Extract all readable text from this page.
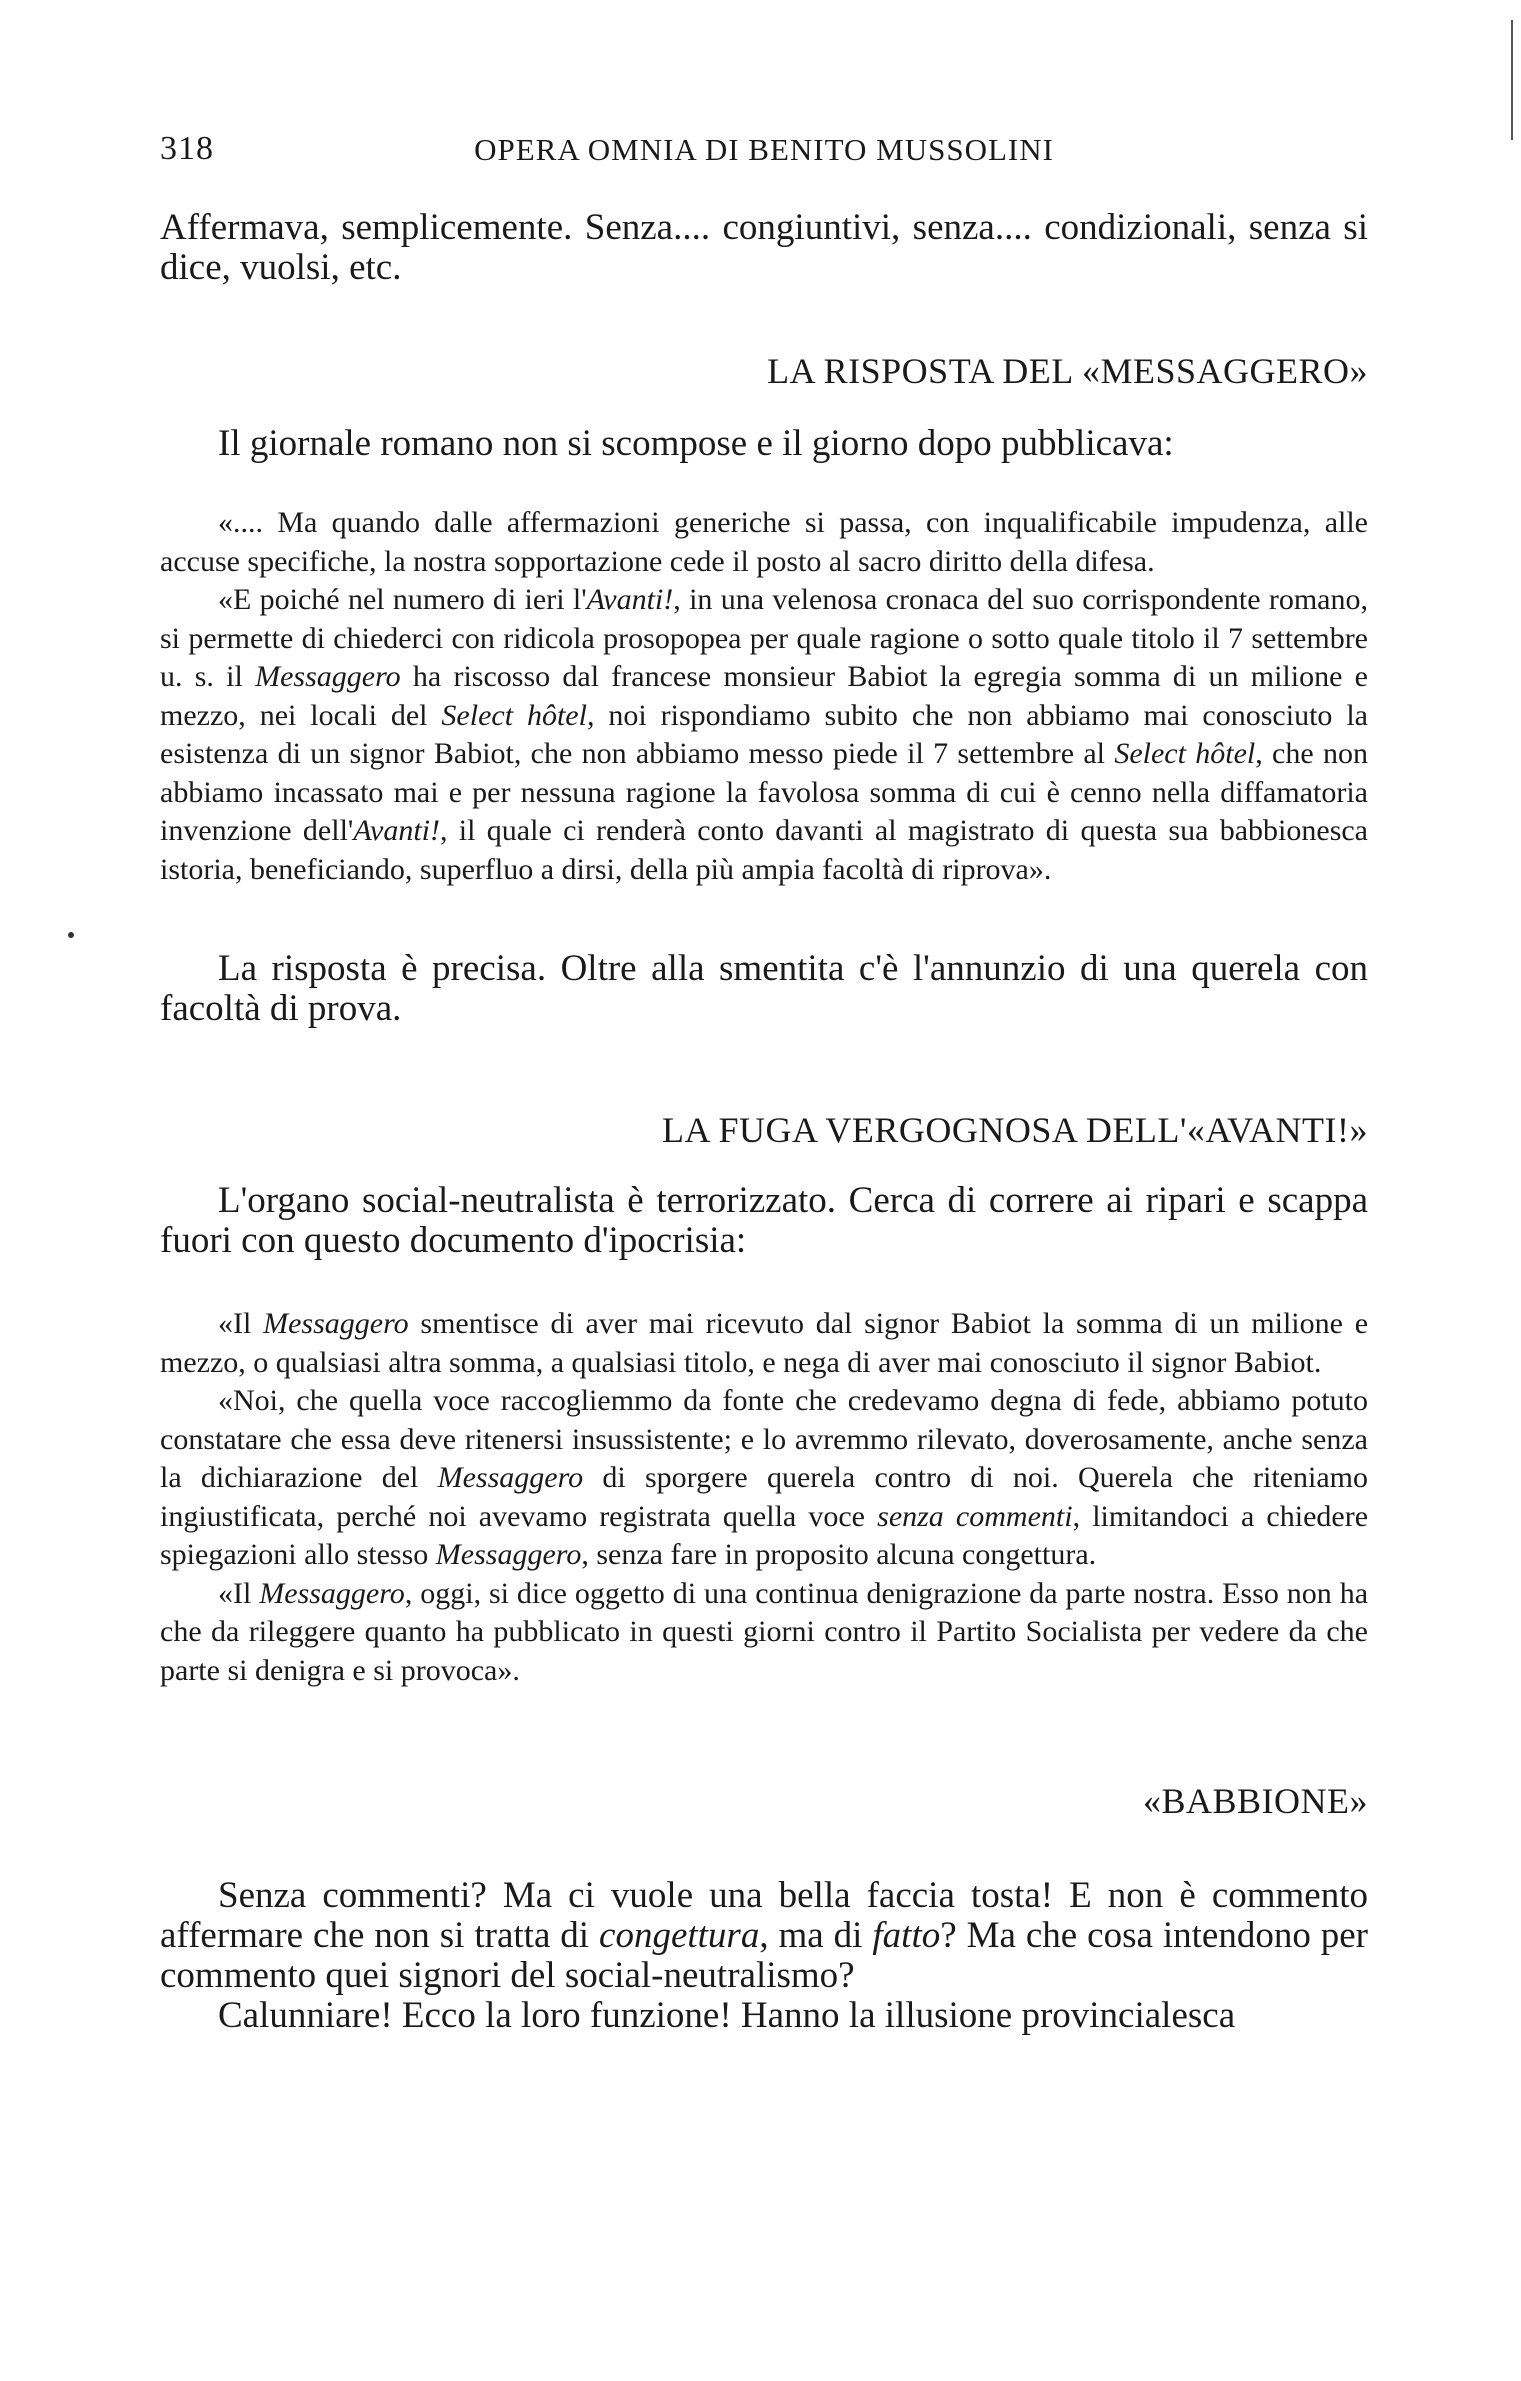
318	OPERA OMNIA DI BENITO MUSSOLINI

Affermava, semplicemente. Senza.... congiuntivi, senza.... condizionali, senza si dice, vuolsi, etc.

LA RISPOSTA DEL «MESSAGGERO»

Il giornale romano non si scompose e il giorno dopo pubblicava:

«.... Ma quando dalle affermazioni generiche si passa, con inqualificabile impudenza, alle accuse specifiche, la nostra sopportazione cede il posto al sacro diritto della difesa.

«E poiché nel numero di ieri l'Avanti!, in una velenosa cronaca del suo corrispondente romano, si permette di chiederci con ridicola prosopopea per quale ragione o sotto quale titolo il 7 settembre u. s. il Messaggero ha riscosso dal francese monsieur Babiot la egregia somma di un milione e mezzo, nei locali del Select hôtel, noi rispondiamo subito che non abbiamo mai conosciuto la esistenza di un signor Babiot, che non abbiamo messo piede il 7 settembre al Select hôtel, che non abbiamo incassato mai e per nessuna ragione la favolosa somma di cui è cenno nella diffamatoria invenzione dell'Avanti!, il quale ci renderà conto davanti al magistrato di questa sua babbionesca istoria, beneficiando, superfluo a dirsi, della più ampia facoltà di riprova».

La risposta è precisa. Oltre alla smentita c'è l'annunzio di una querela con facoltà di prova.

LA FUGA VERGOGNOSA DELL'«AVANTI!»

L'organo social-neutralista è terrorizzato. Cerca di correre ai ripari e scappa fuori con questo documento d'ipocrisia:

«Il Messaggero smentisce di aver mai ricevuto dal signor Babiot la somma di un milione e mezzo, o qualsiasi altra somma, a qualsiasi titolo, e nega di aver mai conosciuto il signor Babiot.

«Noi, che quella voce raccogliemmo da fonte che credevamo degna di fede, abbiamo potuto constatare che essa deve ritenersi insussistente; e lo avremmo rilevato, doverosamente, anche senza la dichiarazione del Messaggero di sporgere querela contro di noi. Querela che riteniamo ingiustificata, perché noi avevamo registrata quella voce senza commenti, limitandoci a chiedere spiegazioni allo stesso Messaggero, senza fare in proposito alcuna congettura.

«Il Messaggero, oggi, si dice oggetto di una continua denigrazione da parte nostra. Esso non ha che da rileggere quanto ha pubblicato in questi giorni contro il Partito Socialista per vedere da che parte si denigra e si provoca».

«BABBIONE»

Senza commenti? Ma ci vuole una bella faccia tosta! E non è commento affermare che non si tratta di congettura, ma di fatto? Ma che cosa intendono per commento quei signori del social-neutralismo?

Calunniare! Ecco la loro funzione! Hanno la illusione provincialesca
